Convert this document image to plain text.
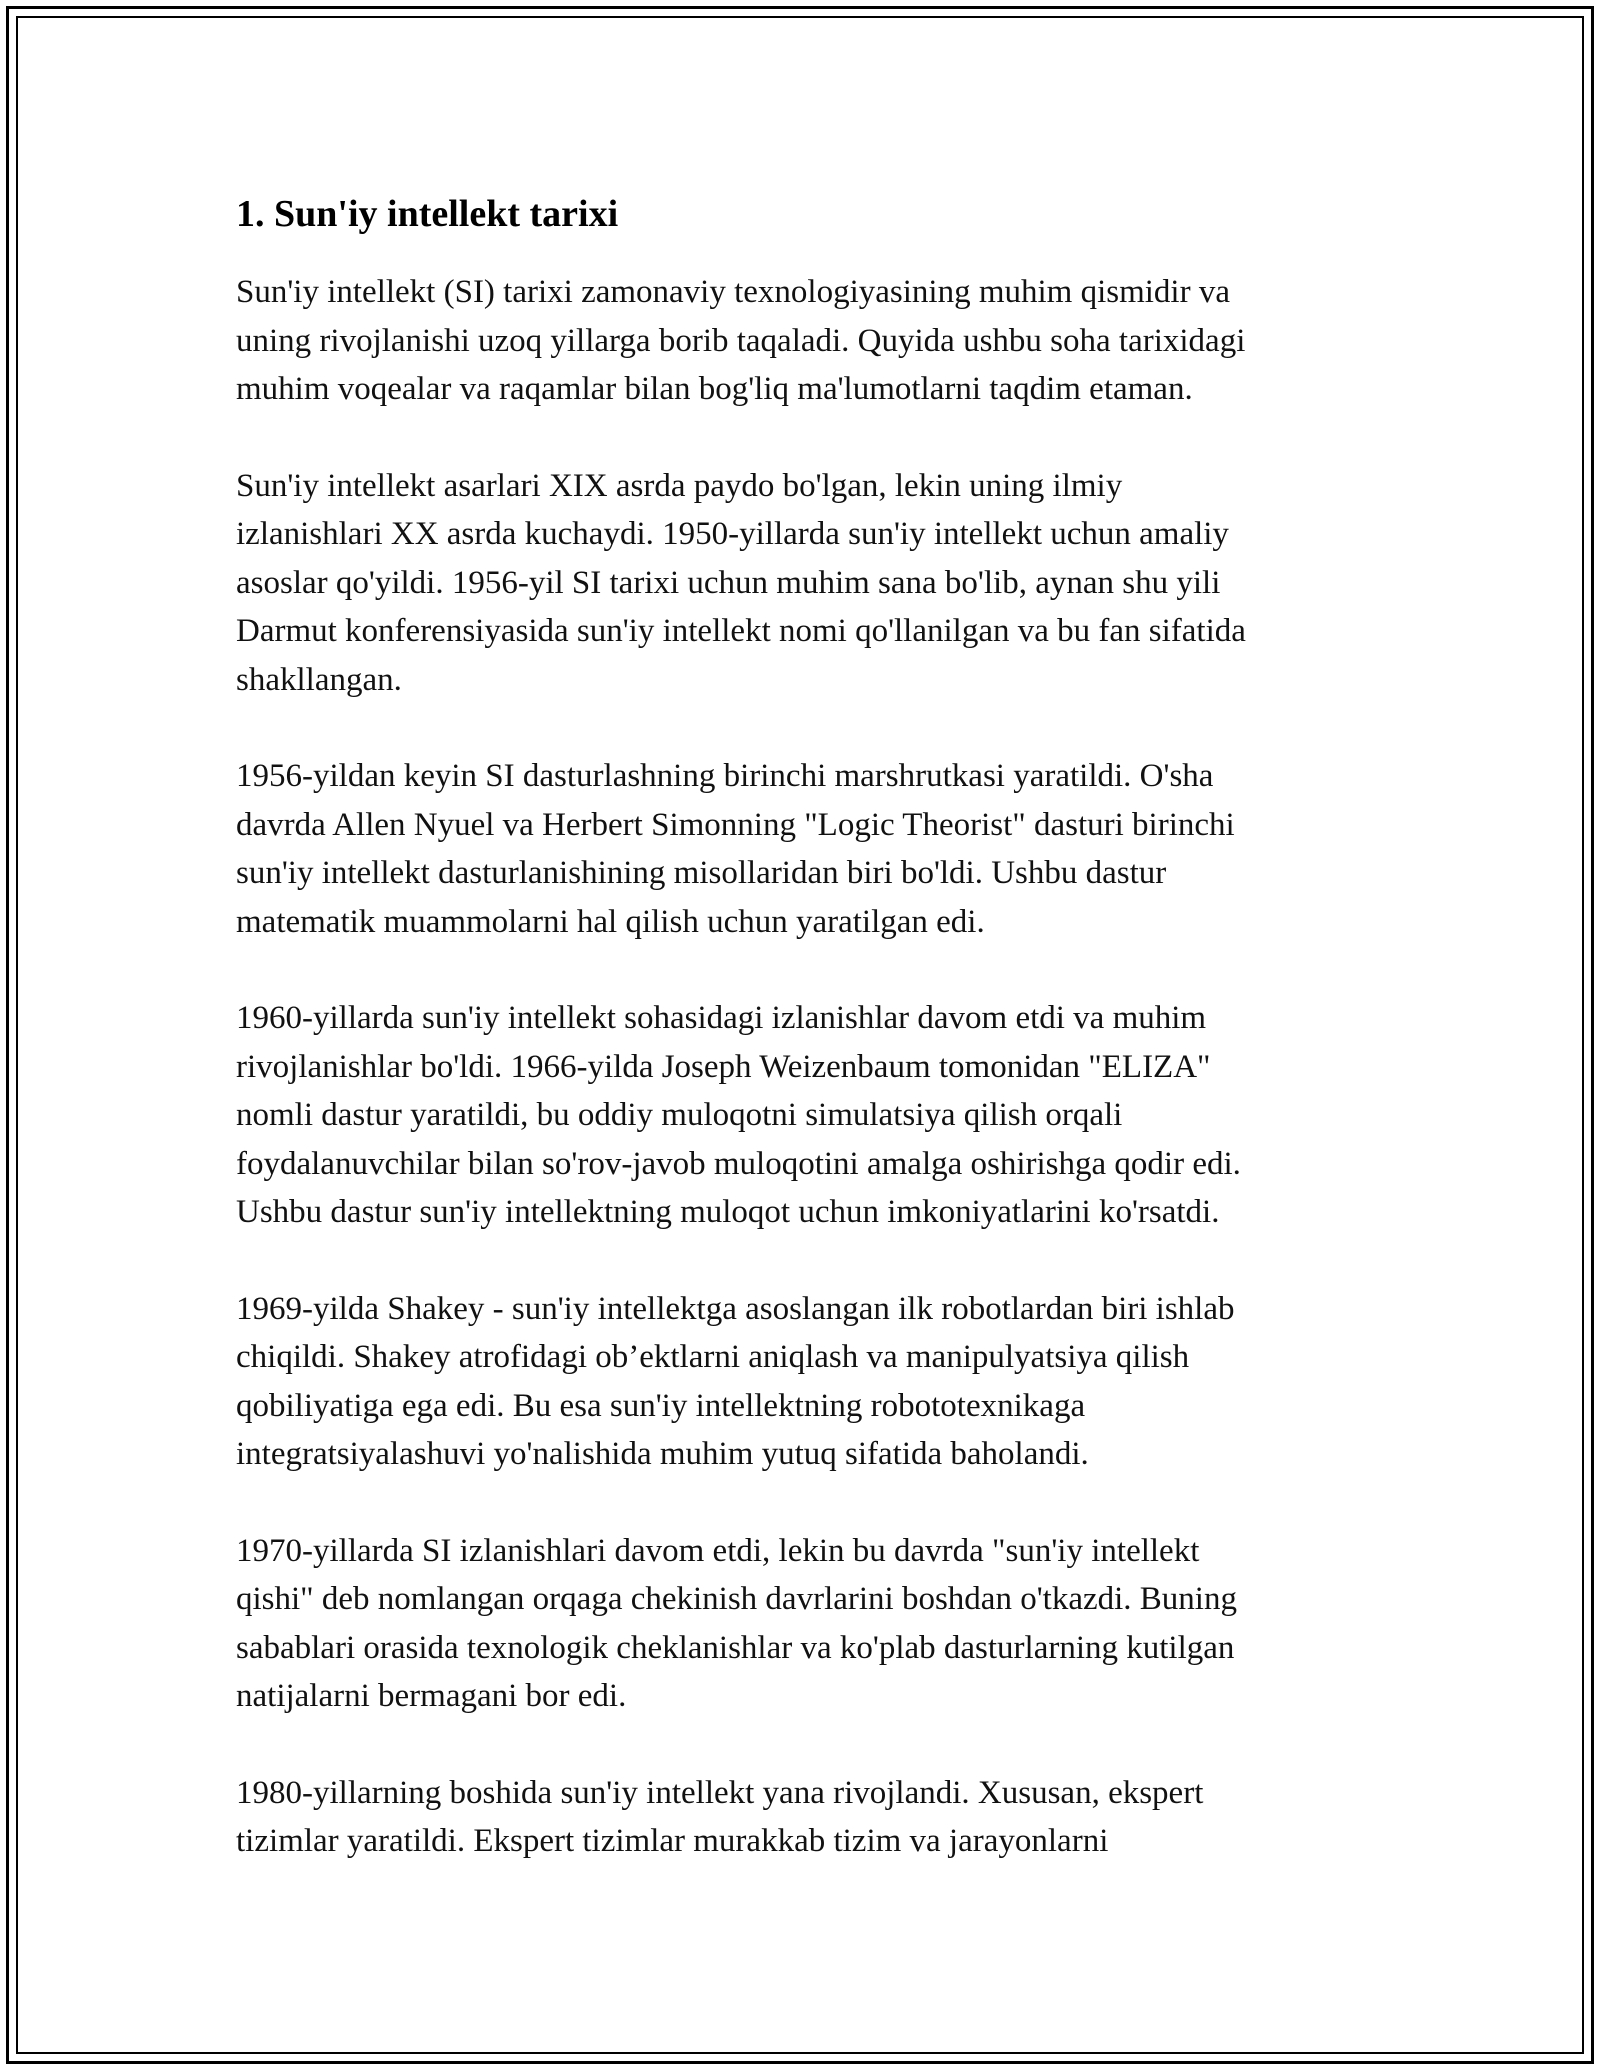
1. Sun'iy intellekt tarixi

Sun'iy intellekt (SI) tarixi zamonaviy texnologiyasining muhim qismidir va
uning rivojlanishi uzoq yillarga borib taqaladi. Quyida ushbu soha tarixidagi
muhim voqealar va raqamlar bilan bog'liq ma'lumotlarni taqdim etaman.

Sun'iy intellekt asarlari XIX asrda paydo bo'lgan, lekin uning ilmiy
izlanishlari XX asrda kuchaydi. 1950-yillarda sun'iy intellekt uchun amaliy
asoslar qo'yildi. 1956-yil SI tarixi uchun muhim sana bo'lib, aynan shu yili
Darmut konferensiyasida sun'iy intellekt nomi qo'llanilgan va bu fan sifatida
shakllangan.

1956-yildan keyin SI dasturlashning birinchi marshrutkasi yaratildi. O'sha
davrda Allen Nyuel va Herbert Simonning "Logic Theorist" dasturi birinchi
sun'iy intellekt dasturlanishining misollaridan biri bo'ldi. Ushbu dastur
matematik muammolarni hal qilish uchun yaratilgan edi.

1960-yillarda sun'iy intellekt sohasidagi izlanishlar davom etdi va muhim
rivojlanishlar bo'ldi. 1966-yilda Joseph Weizenbaum tomonidan "ELIZA"
nomli dastur yaratildi, bu oddiy muloqotni simulatsiya qilish orqali
foydalanuvchilar bilan so'rov-javob muloqotini amalga oshirishga qodir edi.
Ushbu dastur sun'iy intellektning muloqot uchun imkoniyatlarini ko'rsatdi.

1969-yilda Shakey - sun'iy intellektga asoslangan ilk robotlardan biri ishlab
chiqildi. Shakey atrofidagi ob’ektlarni aniqlash va manipulyatsiya qilish
qobiliyatiga ega edi. Bu esa sun'iy intellektning robototexnikaga
integratsiyalashuvi yo'nalishida muhim yutuq sifatida baholandi.

1970-yillarda SI izlanishlari davom etdi, lekin bu davrda "sun'iy intellekt
qishi" deb nomlangan orqaga chekinish davrlarini boshdan o'tkazdi. Buning
sabablari orasida texnologik cheklanishlar va ko'plab dasturlarning kutilgan
natijalarni bermagani bor edi.

1980-yillarning boshida sun'iy intellekt yana rivojlandi. Xususan, ekspert
tizimlar yaratildi. Ekspert tizimlar murakkab tizim va jarayonlarni
